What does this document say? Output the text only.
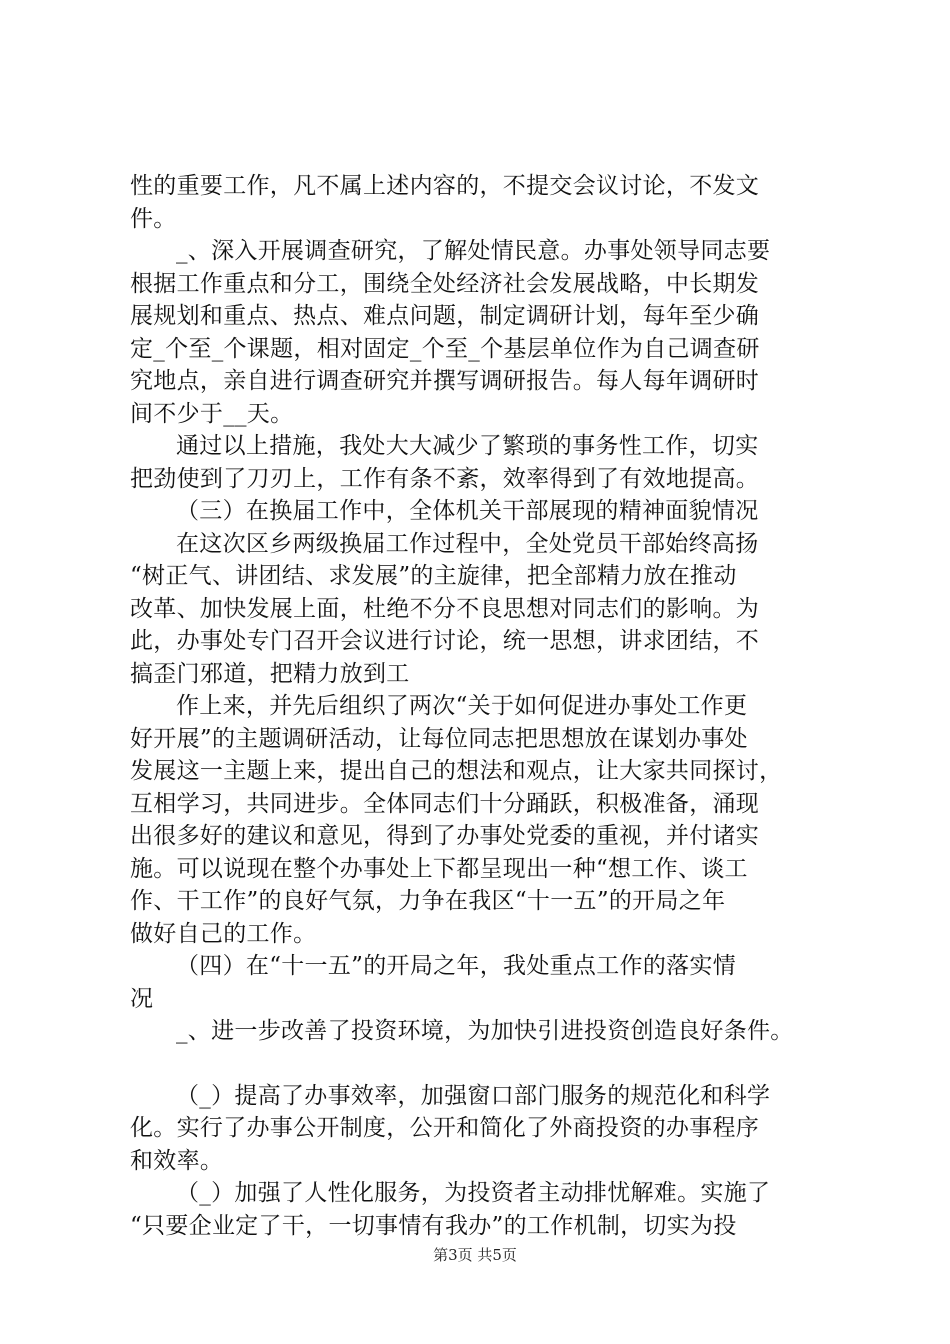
性的重要工作，凡不属上述内容的，不提交会议讨论，不发文
件。
_、深入开展调查研究，了解处情民意。办事处领导同志要
根据工作重点和分工，围绕全处经济社会发展战略，中长期发
展规划和重点、热点、难点问题，制定调研计划，每年至少确
定_个至_个课题，相对固定_个至_个基层单位作为自己调查研
究地点，亲自进行调查研究并撰写调研报告。每人每年调研时
间不少于__天。
通过以上措施，我处大大减少了繁琐的事务性工作，切实
把劲使到了刀刃上，工作有条不紊，效率得到了有效地提高。
（三）在换届工作中，全体机关干部展现的精神面貌情况
在这次区乡两级换届工作过程中，全处党员干部始终高扬
“树正气、讲团结、求发展”的主旋律，把全部精力放在推动
改革、加快发展上面，杜绝不分不良思想对同志们的影响。为
此，办事处专门召开会议进行讨论，统一思想，讲求团结，不
搞歪门邪道，把精力放到工
作上来，并先后组织了两次“关于如何促进办事处工作更
好开展”的主题调研活动，让每位同志把思想放在谋划办事处
发展这一主题上来，提出自己的想法和观点，让大家共同探讨，
互相学习，共同进步。全体同志们十分踊跃，积极准备，涌现
出很多好的建议和意见，得到了办事处党委的重视，并付诸实
施。可以说现在整个办事处上下都呈现出一种“想工作、谈工
作、干工作”的良好气氛，力争在我区“十一五”的开局之年
做好自己的工作。
（四）在“十一五”的开局之年，我处重点工作的落实情
况
_、进一步改善了投资环境，为加快引进投资创造良好条件。
（_）提高了办事效率，加强窗口部门服务的规范化和科学
化。实行了办事公开制度，公开和简化了外商投资的办事程序
和效率。
（_）加强了人性化服务，为投资者主动排忧解难。实施了
“只要企业定了干，一切事情有我办”的工作机制，切实为投
第3页 共5页
